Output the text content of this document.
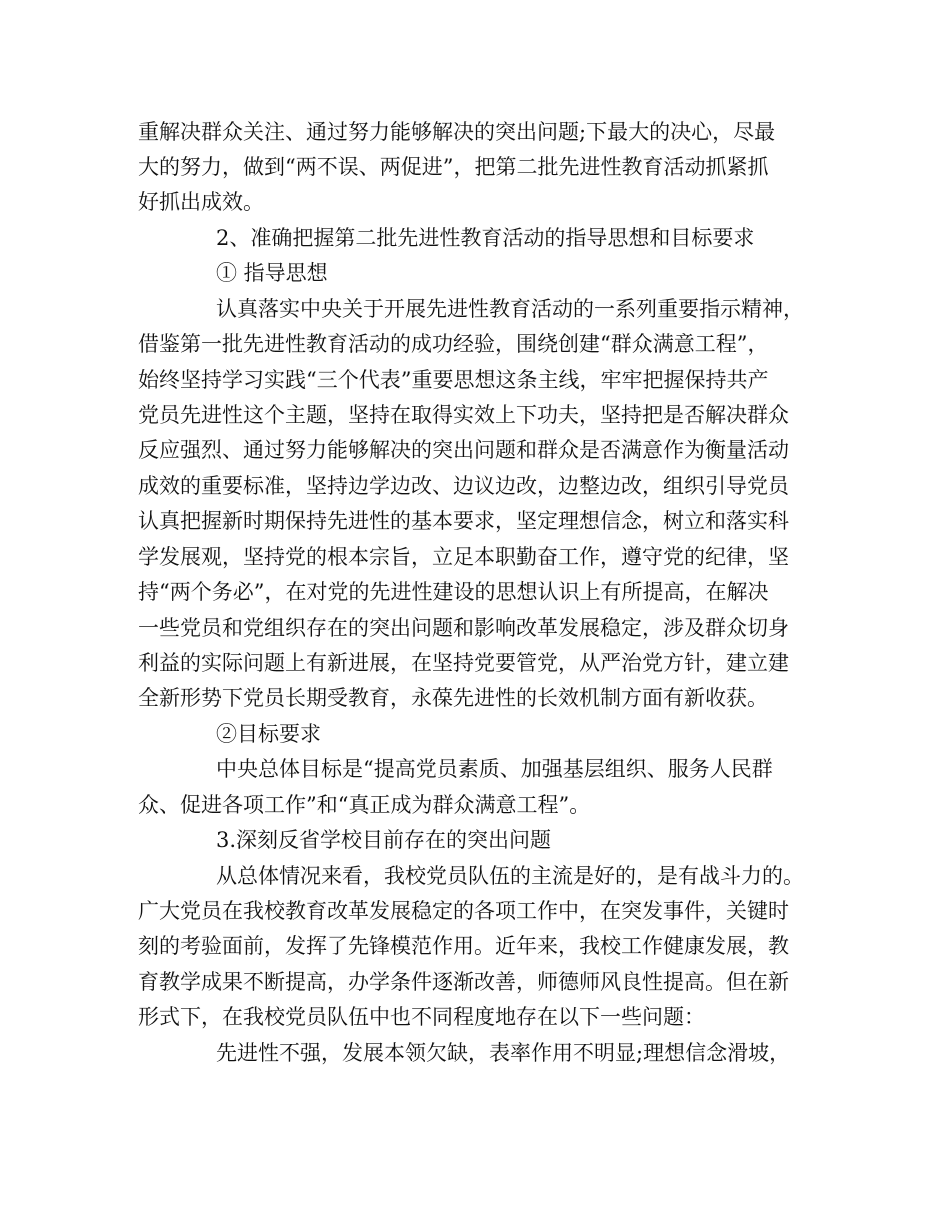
重解决群众关注、通过努力能够解决的突出问题;下最大的决心，尽最
大的努力，做到“两不误、两促进”，把第二批先进性教育活动抓紧抓
好抓出成效。
2、准确把握第二批先进性教育活动的指导思想和目标要求
① 指导思想
认真落实中央关于开展先进性教育活动的一系列重要指示精神，
借鉴第一批先进性教育活动的成功经验，围绕创建“群众满意工程”，
始终坚持学习实践“三个代表”重要思想这条主线，牢牢把握保持共产
党员先进性这个主题，坚持在取得实效上下功夫，坚持把是否解决群众
反应强烈、通过努力能够解决的突出问题和群众是否满意作为衡量活动
成效的重要标准，坚持边学边改、边议边改，边整边改，组织引导党员
认真把握新时期保持先进性的基本要求，坚定理想信念，树立和落实科
学发展观，坚持党的根本宗旨，立足本职勤奋工作，遵守党的纪律，坚
持“两个务必”，在对党的先进性建设的思想认识上有所提高，在解决
一些党员和党组织存在的突出问题和影响改革发展稳定，涉及群众切身
利益的实际问题上有新进展，在坚持党要管党，从严治党方针，建立建
全新形势下党员长期受教育，永葆先进性的长效机制方面有新收获。
②目标要求
中央总体目标是“提高党员素质、加强基层组织、服务人民群
众、促进各项工作”和“真正成为群众满意工程”。
3.深刻反省学校目前存在的突出问题
从总体情况来看，我校党员队伍的主流是好的，是有战斗力的。
广大党员在我校教育改革发展稳定的各项工作中，在突发事件，关键时
刻的考验面前，发挥了先锋模范作用。近年来，我校工作健康发展，教
育教学成果不断提高，办学条件逐渐改善，师德师风良性提高。但在新
形式下，在我校党员队伍中也不同程度地存在以下一些问题：
先进性不强，发展本领欠缺，表率作用不明显;理想信念滑坡，
